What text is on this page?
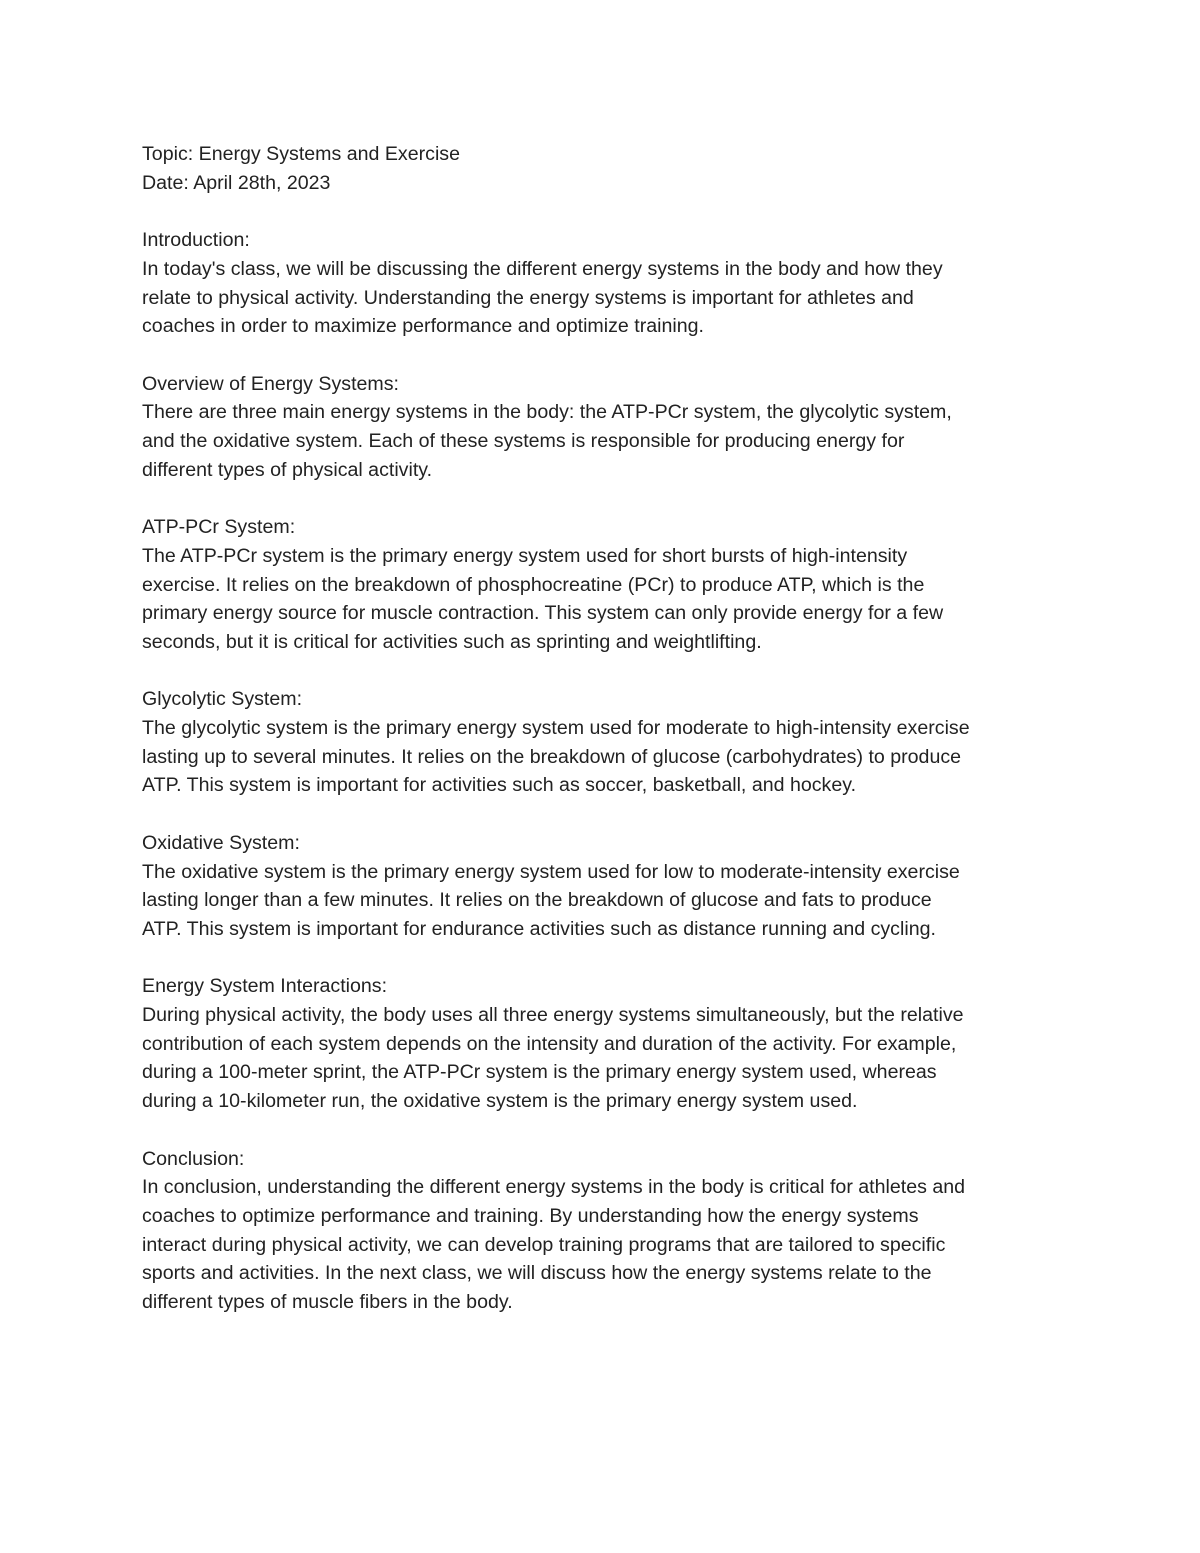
Topic: Energy Systems and Exercise
Date: April 28th, 2023
Introduction:
In today's class, we will be discussing the different energy systems in the body and how they
relate to physical activity. Understanding the energy systems is important for athletes and
coaches in order to maximize performance and optimize training.
Overview of Energy Systems:
There are three main energy systems in the body: the ATP-PCr system, the glycolytic system,
and the oxidative system. Each of these systems is responsible for producing energy for
different types of physical activity.
ATP-PCr System:
The ATP-PCr system is the primary energy system used for short bursts of high-intensity
exercise. It relies on the breakdown of phosphocreatine (PCr) to produce ATP, which is the
primary energy source for muscle contraction. This system can only provide energy for a few
seconds, but it is critical for activities such as sprinting and weightlifting.
Glycolytic System:
The glycolytic system is the primary energy system used for moderate to high-intensity exercise
lasting up to several minutes. It relies on the breakdown of glucose (carbohydrates) to produce
ATP. This system is important for activities such as soccer, basketball, and hockey.
Oxidative System:
The oxidative system is the primary energy system used for low to moderate-intensity exercise
lasting longer than a few minutes. It relies on the breakdown of glucose and fats to produce
ATP. This system is important for endurance activities such as distance running and cycling.
Energy System Interactions:
During physical activity, the body uses all three energy systems simultaneously, but the relative
contribution of each system depends on the intensity and duration of the activity. For example,
during a 100-meter sprint, the ATP-PCr system is the primary energy system used, whereas
during a 10-kilometer run, the oxidative system is the primary energy system used.
Conclusion:
In conclusion, understanding the different energy systems in the body is critical for athletes and
coaches to optimize performance and training. By understanding how the energy systems
interact during physical activity, we can develop training programs that are tailored to specific
sports and activities. In the next class, we will discuss how the energy systems relate to the
different types of muscle fibers in the body.
